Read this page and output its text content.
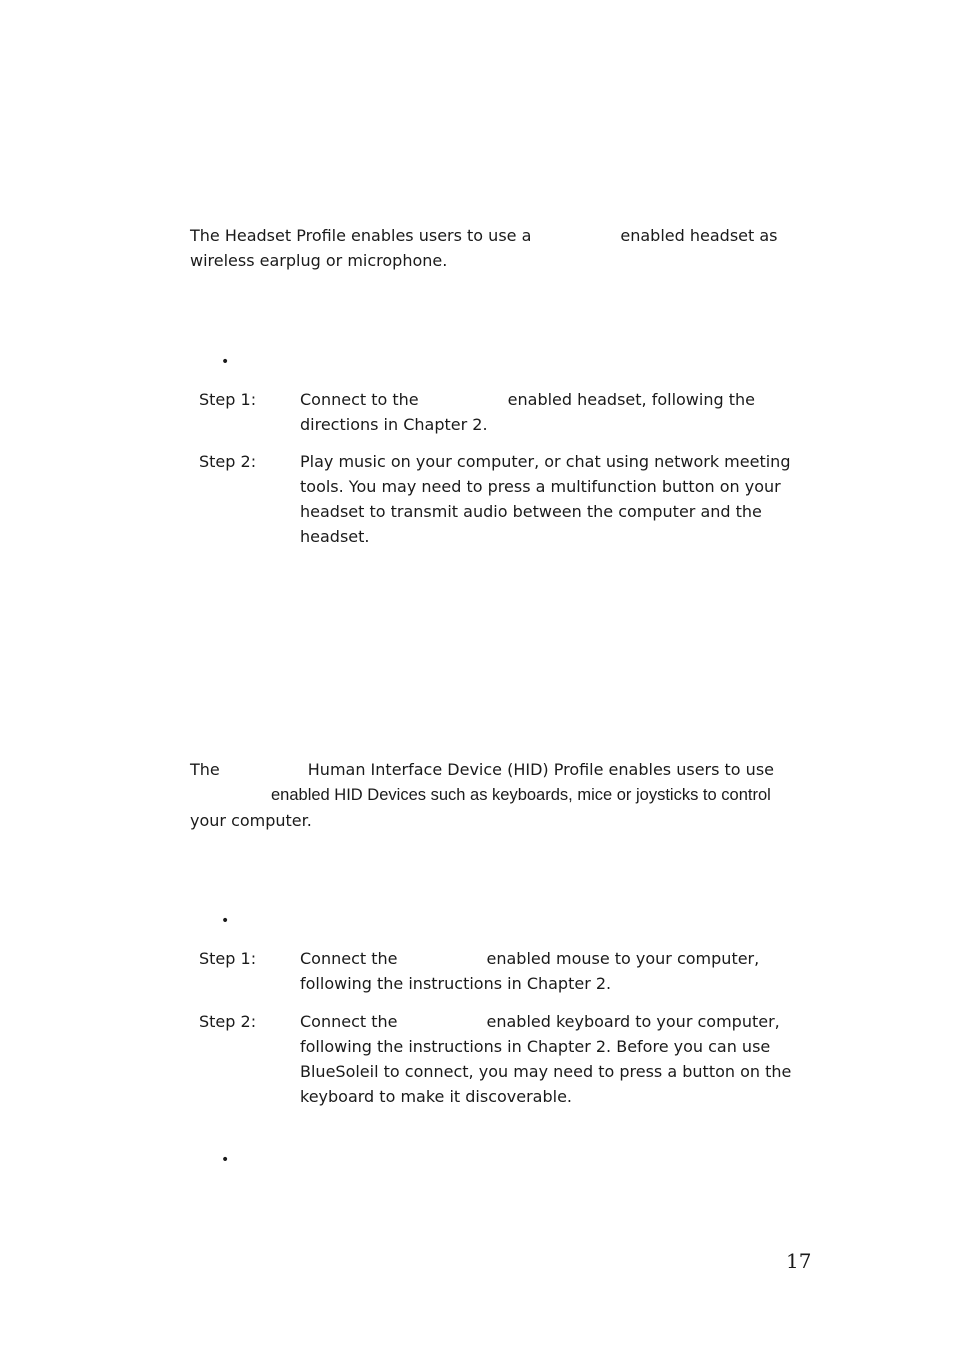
The Headset Profile enables users to use a	enabled headset as
wireless earplug or microphone.

•
Step 1:	Connect to the	enabled headset, following the
directions in Chapter 2.

Step 2:	Play music on your computer, or chat using network meeting tools. You may need to press a multifunction button on your headset to transmit audio between the computer and the headset.

The	Human Interface Device (HID) Profile enables users to use
enabled HID Devices such as keyboards, mice or joysticks to control
your computer.

•
Step 1:	Connect the	enabled mouse to your computer,
following the instructions in Chapter 2.

Step 2:	Connect the	enabled keyboard to your computer,
following the instructions in Chapter 2. Before you can use BlueSoleil to connect, you may need to press a button on the keyboard to make it discoverable.

•
17
